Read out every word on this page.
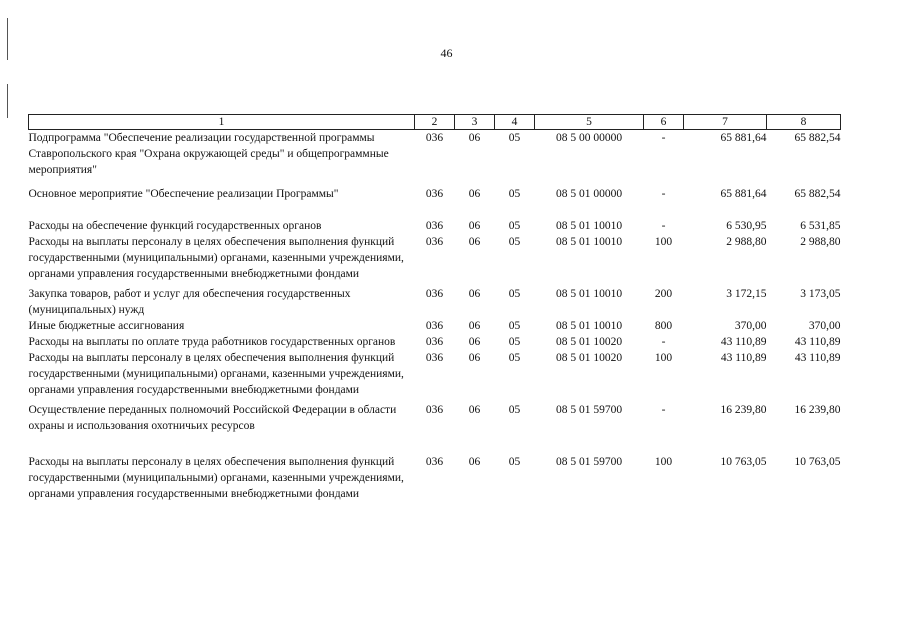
46
1	2	3	4	5	6	7	8
Подпрограмма "Обеспечение реализации государственной программы Ставропольского края "Охрана окружающей среды" и общепрограммные мероприятия"	036	06	05	08 5 00 00000	-	65 881,64	65 882,54

Основное мероприятие "Обеспечение реализации Программы"	036	06	05	08 5 01 00000	-	65 881,64	65 882,54

Расходы на обеспечение функций государственных органов	036	06	05	08 5 01 10010	-	6 530,95	6 531,85
Расходы на выплаты персоналу в целях обеспечения выполнения функций государственными (муниципальными) органами, казенными учреждениями, органами управления государственными внебюджетными фондами	036	06	05	08 5 01 10010	100	2 988,80	2 988,80

Закупка товаров, работ и услуг для обеспечения государственных (муниципальных) нужд	036	06	05	08 5 01 10010	200	3 172,15	3 173,05
Иные бюджетные ассигнования	036	06	05	08 5 01 10010	800	370,00	370,00
Расходы на выплаты по оплате труда работников государственных органов	036	06	05	08 5 01 10020	-	43 110,89	43 110,89
Расходы на выплаты персоналу в целях обеспечения выполнения функций государственными (муниципальными) органами, казенными учреждениями, органами управления государственными внебюджетными фондами	036	06	05	08 5 01 10020	100	43 110,89	43 110,89

Осуществление переданных полномочий Российской Федерации в области охраны и использования охотничьих ресурсов	036	06	05	08 5 01 59700	-	16 239,80	16 239,80

Расходы на выплаты персоналу в целях обеспечения выполнения функций государственными (муниципальными) органами, казенными учреждениями, органами управления государственными внебюджетными фондами	036	06	05	08 5 01 59700	100	10 763,05	10 763,05
